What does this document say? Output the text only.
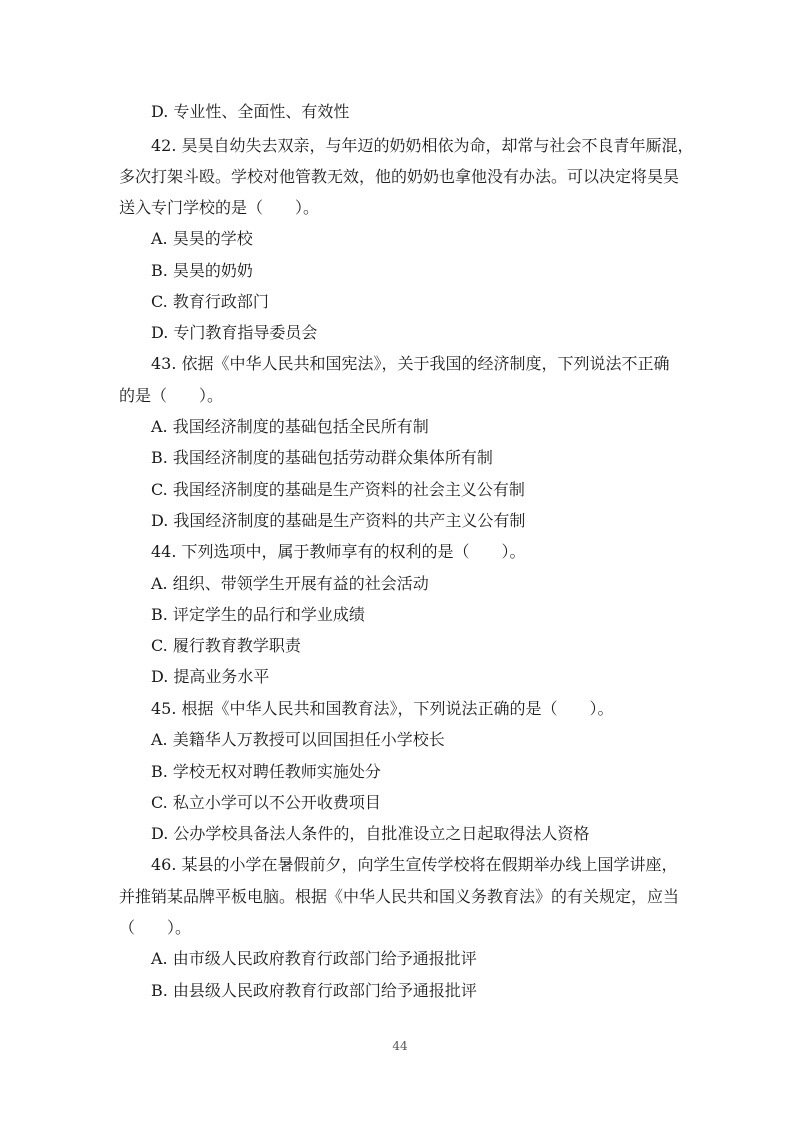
D. 专业性、全面性、有效性
42. 昊昊自幼失去双亲，与年迈的奶奶相依为命，却常与社会不良青年厮混，
多次打架斗殴。学校对他管教无效，他的奶奶也拿他没有办法。可以决定将昊昊
送入专门学校的是（　　）。
A. 昊昊的学校
B. 昊昊的奶奶
C. 教育行政部门
D. 专门教育指导委员会
43. 依据《中华人民共和国宪法》，关于我国的经济制度，下列说法不正确
的是（　　）。
A. 我国经济制度的基础包括全民所有制
B. 我国经济制度的基础包括劳动群众集体所有制
C. 我国经济制度的基础是生产资料的社会主义公有制
D. 我国经济制度的基础是生产资料的共产主义公有制
44. 下列选项中，属于教师享有的权利的是（　　）。
A. 组织、带领学生开展有益的社会活动
B. 评定学生的品行和学业成绩
C. 履行教育教学职责
D. 提高业务水平
45. 根据《中华人民共和国教育法》，下列说法正确的是（　　）。
A. 美籍华人万教授可以回国担任小学校长
B. 学校无权对聘任教师实施处分
C. 私立小学可以不公开收费项目
D. 公办学校具备法人条件的，自批准设立之日起取得法人资格
46. 某县的小学在暑假前夕，向学生宣传学校将在假期举办线上国学讲座，
并推销某品牌平板电脑。根据《中华人民共和国义务教育法》的有关规定，应当
（　　）。
A. 由市级人民政府教育行政部门给予通报批评
B. 由县级人民政府教育行政部门给予通报批评
44
